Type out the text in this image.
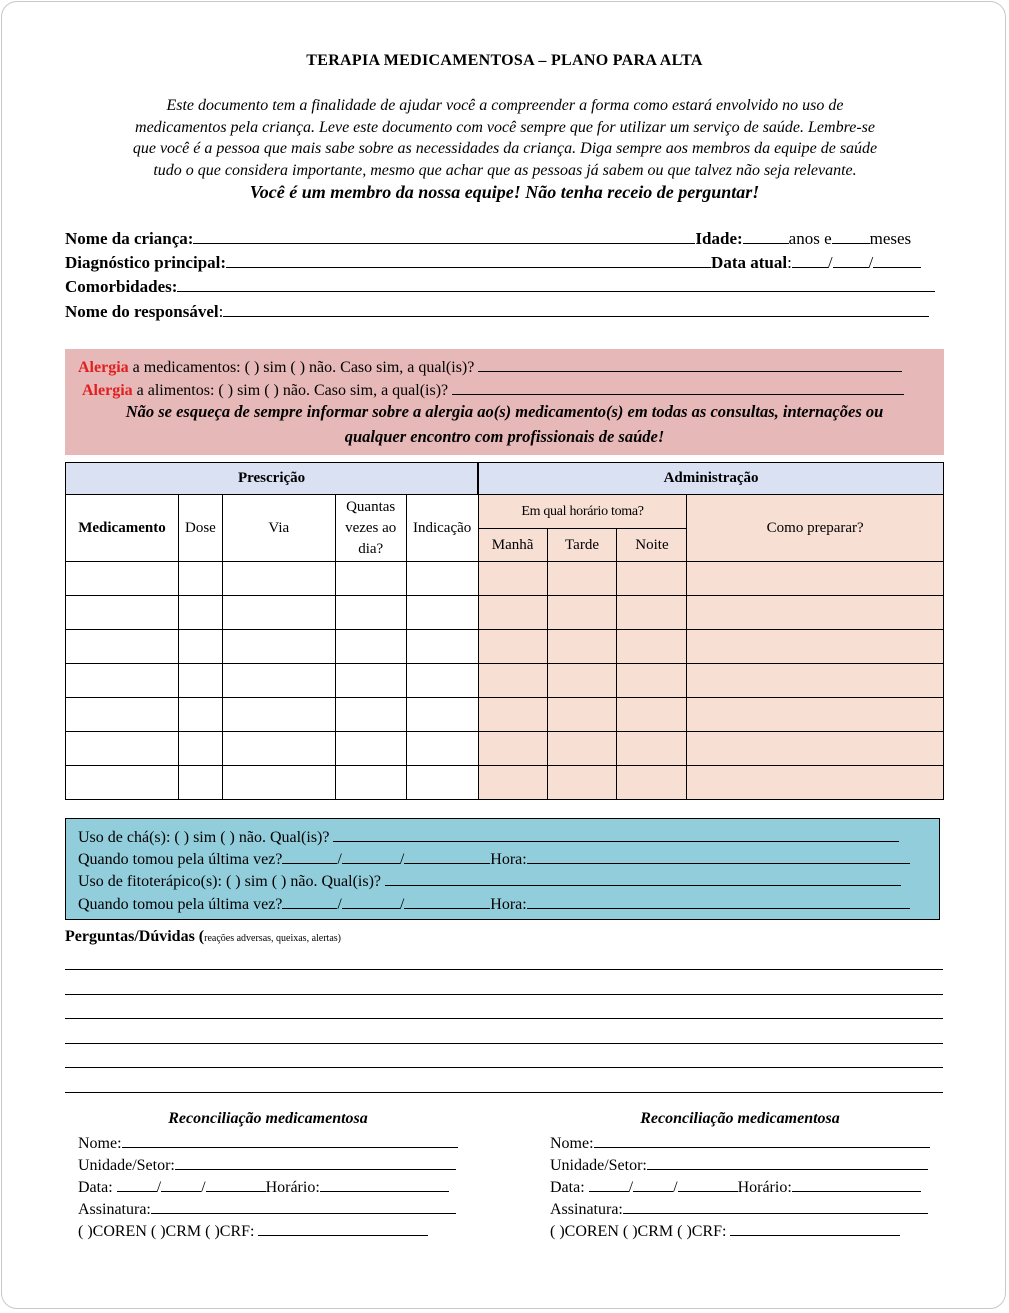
TERAPIA MEDICAMENTOSA – PLANO PARA ALTA
Este documento tem a finalidade de ajudar você a compreender a forma como estará envolvido no uso de
medicamentos pela criança. Leve este documento com você sempre que for utilizar um serviço de saúde. Lembre-se
que você é a pessoa que mais sabe sobre as necessidades da criança. Diga sempre aos membros da equipe de saúde
tudo o que considera importante, mesmo que achar que as pessoas já sabem ou que talvez não seja relevante.
Você é um membro da nossa equipe! Não tenha receio de perguntar!
Nome da criança:	Idade:	anos e meses
Diagnóstico principal:	Data atual: / /
Comorbidades:
Nome do responsável:
Alergia a medicamentos: ( ) sim ( ) não. Caso sim, a qual(is)?
Alergia a alimentos: ( ) sim ( ) não. Caso sim, a qual(is)?
Não se esqueça de sempre informar sobre a alergia ao(s) medicamento(s) em todas as consultas, internações ou
qualquer encontro com profissionais de saúde!
Prescrição					Administração			
Medicamento	Dose	Via	Quantas
vezes ao
dia?	Indicação	Em qual horário toma?			Como preparar?
					Manhã	Tarde	Noite	

Uso de chá(s): ( ) sim ( ) não. Qual(is)?
Quando tomou pela última vez?	/	/	Hora:
Uso de fitoterápico(s): ( ) sim ( ) não. Qual(is)?
Quando tomou pela última vez?	/	/	Hora:
Perguntas/Dúvidas (reações adversas, queixas, alertas)
Reconciliação medicamentosa
Nome:
Unidade/Setor:
Data:	/	/	Horário:
Assinatura:
( )COREN ( )CRM ( )CRF:
Reconciliação medicamentosa
Nome:
Unidade/Setor:
Data:	/	/	Horário:
Assinatura:
( )COREN ( )CRM ( )CRF:
